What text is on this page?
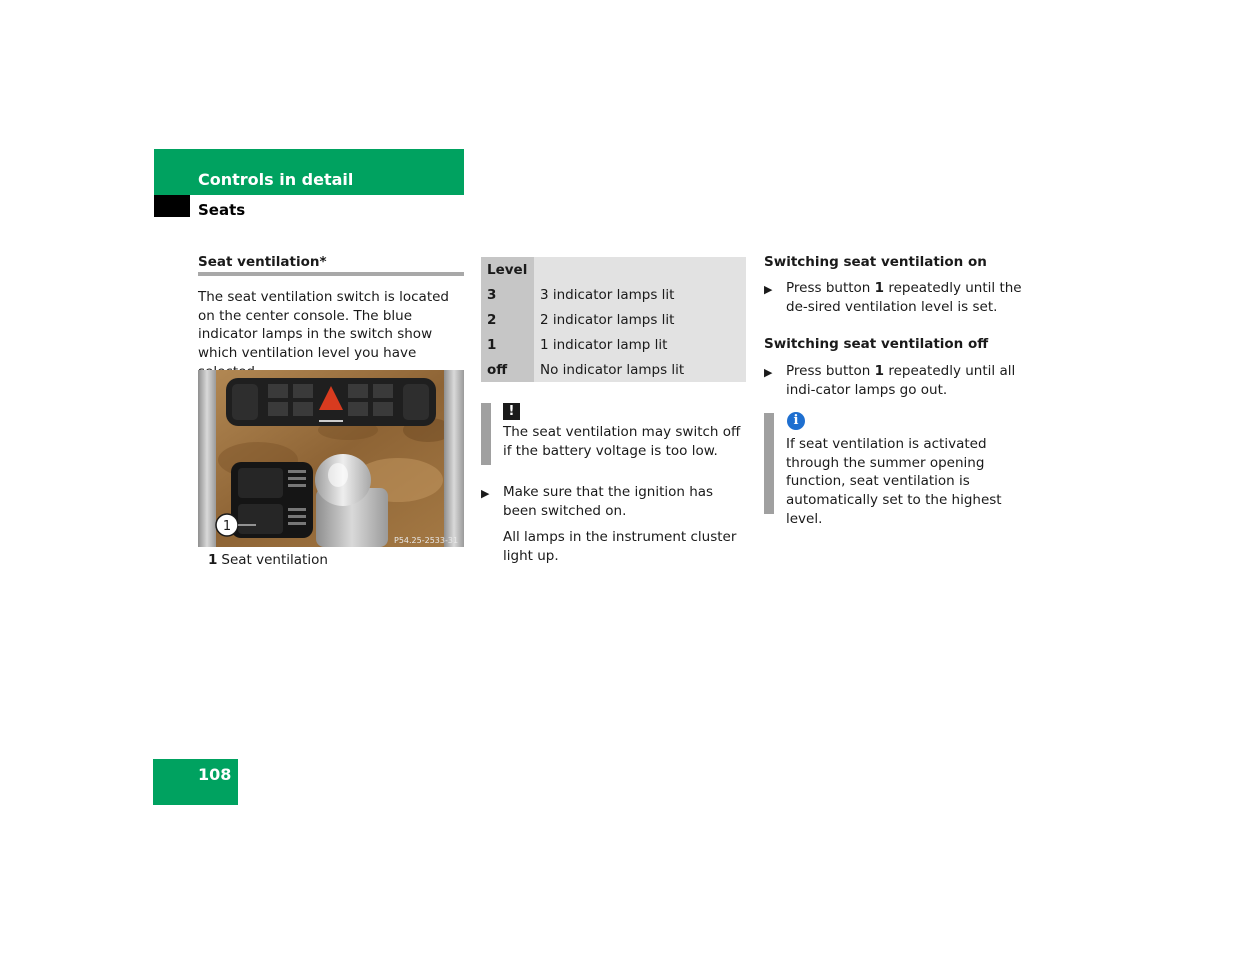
Controls in detail
Seats
Seat ventilation*
The seat ventilation switch is located on the center console. The blue indicator lamps in the switch show which ventilation level you have
1
P54.25-2533-31
1 Seat ventilation
Level	
3	3 indicator lamps lit
2	2 indicator lamps lit
1	1 indicator lamp lit
off	No indicator lamps lit
!
The seat ventilation may switch off if the battery voltage is too low.
▶ Make sure that the ignition has been switched on.
All lamps in the instrument cluster light up.
Switching seat ventilation on
▶ Press button 1 repeatedly until the de-sired ventilation level is set.
Switching seat ventilation off
▶ Press button 1 repeatedly until all indi-cator lamps go out.
i
If seat ventilation is activated through the summer opening function, seat ventilation is automatically set to the highest level.
108
